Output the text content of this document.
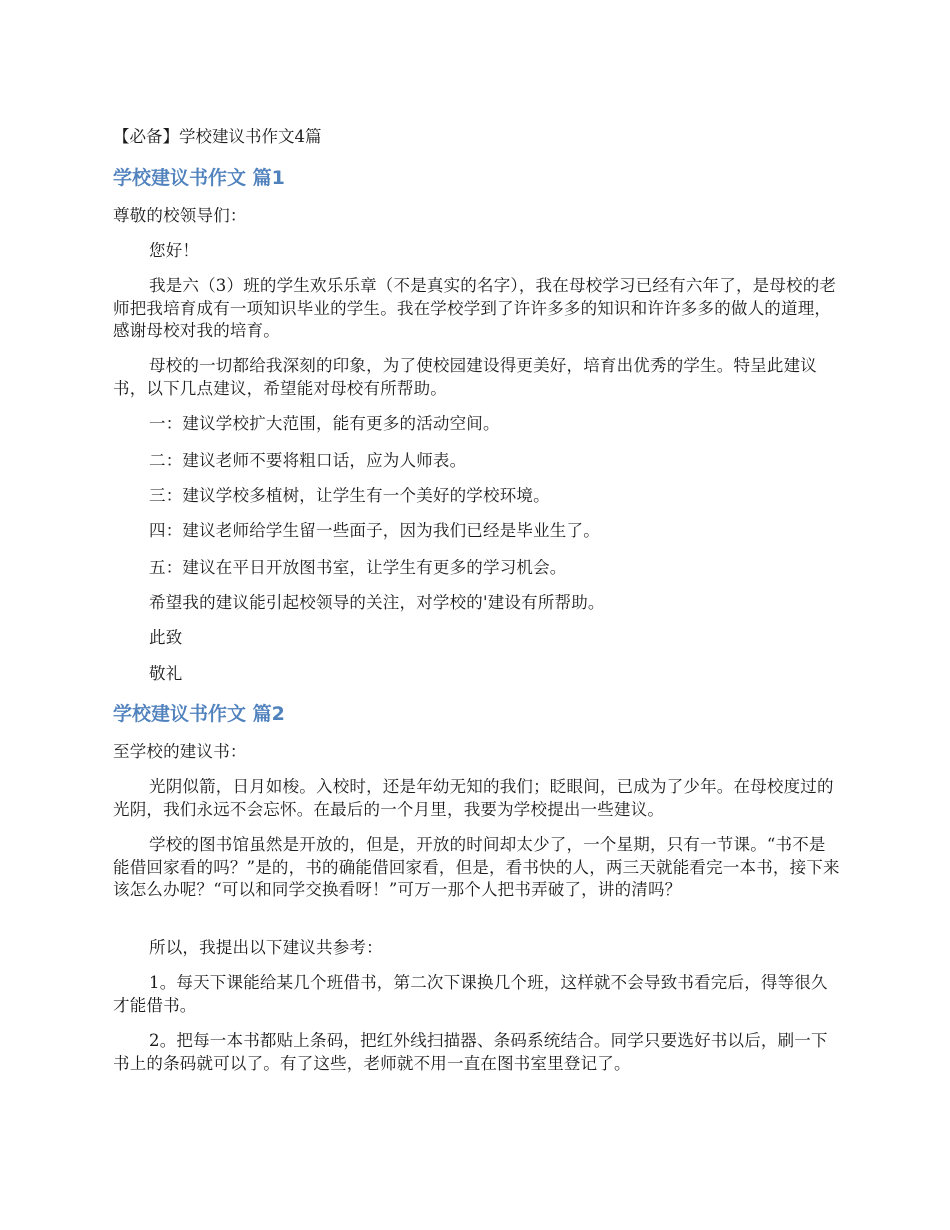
【必备】学校建议书作文4篇
学校建议书作文 篇1
尊敬的校领导们：
您好！
我是六（3）班的学生欢乐乐章（不是真实的名字），我在母校学习已经有六年了，是母校的老师把我培育成有一项知识毕业的学生。我在学校学到了许许多多的知识和许许多多的做人的道理，感谢母校对我的培育。
母校的一切都给我深刻的印象，为了使校园建设得更美好，培育出优秀的学生。特呈此建议书，以下几点建议，希望能对母校有所帮助。
一：建议学校扩大范围，能有更多的活动空间。
二：建议老师不要将粗口话，应为人师表。
三：建议学校多植树，让学生有一个美好的学校环境。
四：建议老师给学生留一些面子，因为我们已经是毕业生了。
五：建议在平日开放图书室，让学生有更多的学习机会。
希望我的建议能引起校领导的关注，对学校的'建设有所帮助。
此致
敬礼
学校建议书作文 篇2
至学校的建议书：
光阴似箭，日月如梭。入校时，还是年幼无知的我们；眨眼间，已成为了少年。在母校度过的光阴，我们永远不会忘怀。在最后的一个月里，我要为学校提出一些建议。
学校的图书馆虽然是开放的，但是，开放的时间却太少了，一个星期，只有一节课。“书不是能借回家看的吗？”是的，书的确能借回家看，但是，看书快的人，两三天就能看完一本书，接下来该怎么办呢？“可以和同学交换看呀！”可万一那个人把书弄破了，讲的清吗？
所以，我提出以下建议共参考：
1。每天下课能给某几个班借书，第二次下课换几个班，这样就不会导致书看完后，得等很久才能借书。
2。把每一本书都贴上条码，把红外线扫描器、条码系统结合。同学只要选好书以后，刷一下书上的条码就可以了。有了这些，老师就不用一直在图书室里登记了。
